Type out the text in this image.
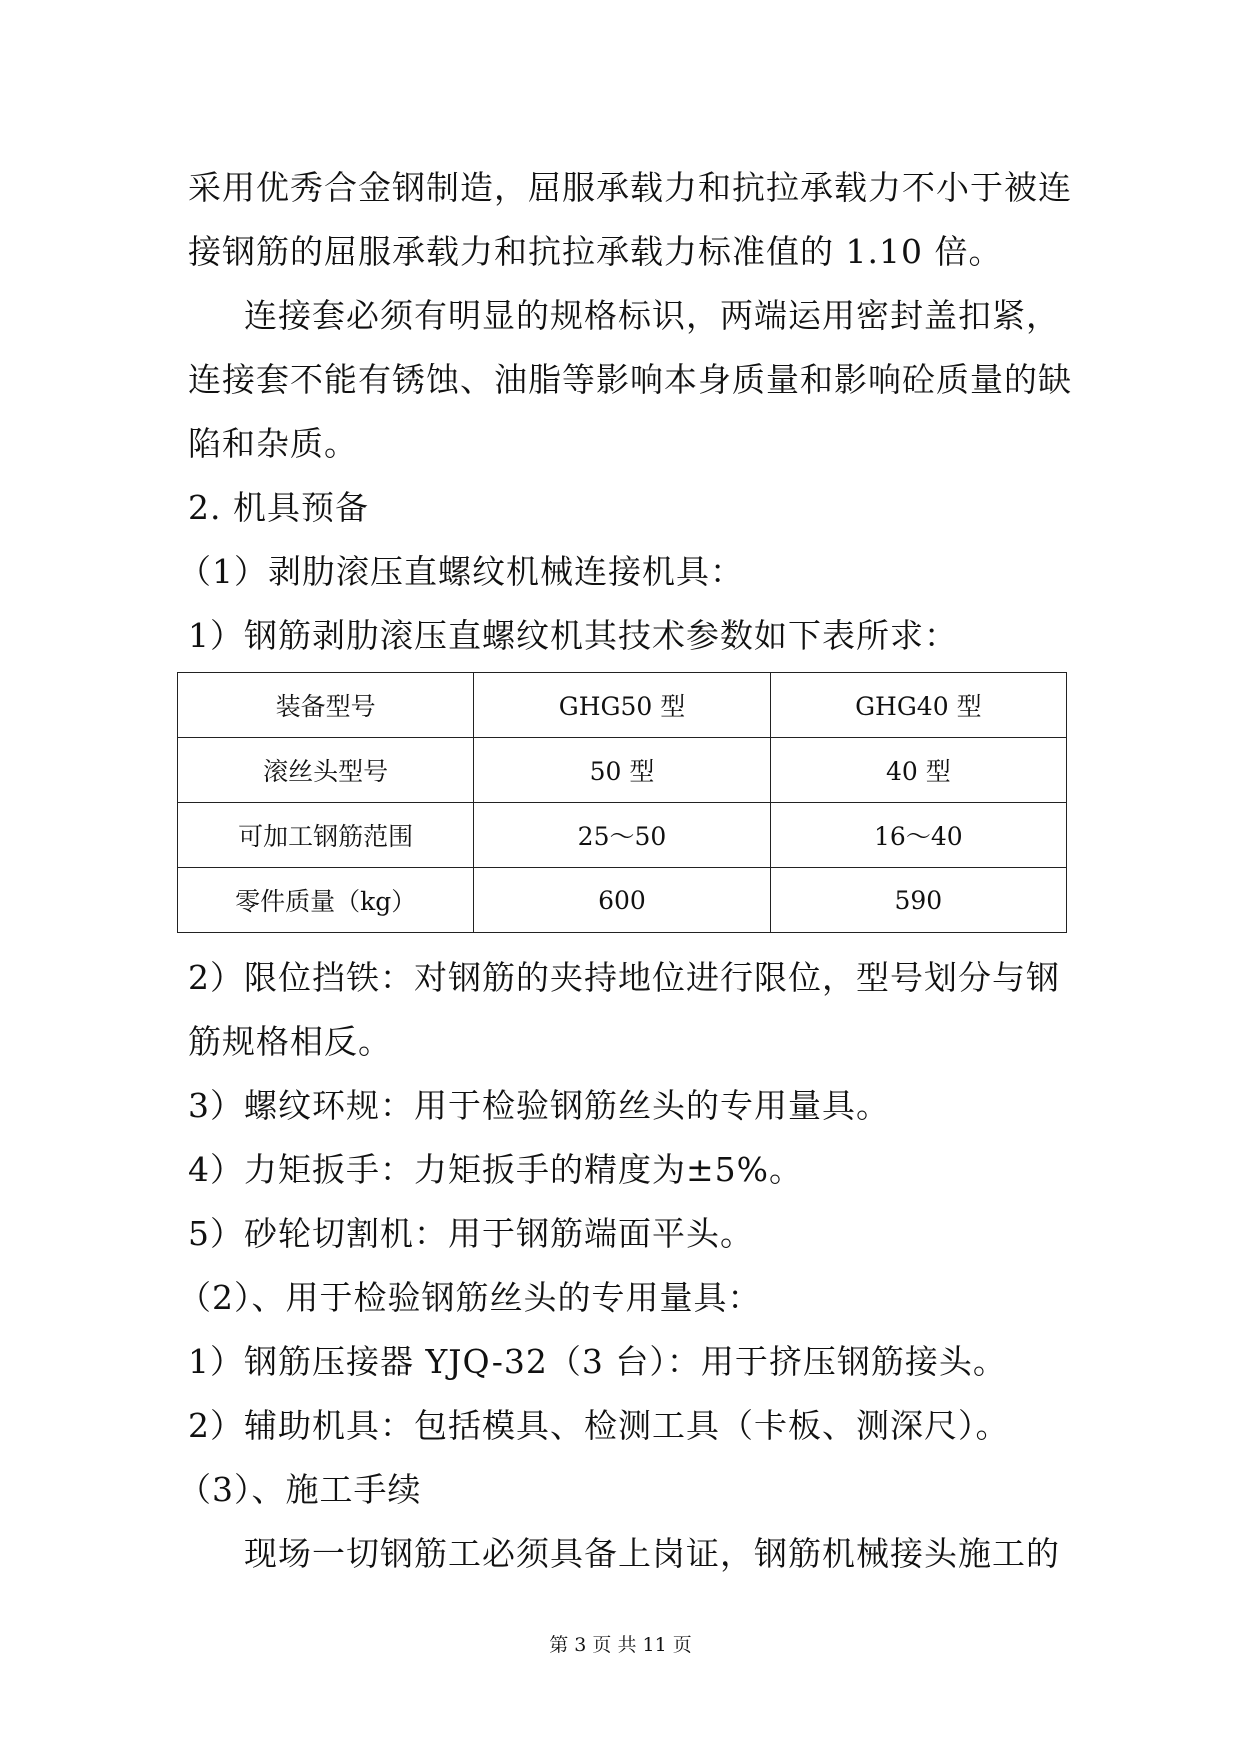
采用优秀合金钢制造，屈服承载力和抗拉承载力不小于被连
接钢筋的屈服承载力和抗拉承载力标准值的 1.10 倍。
连接套必须有明显的规格标识，两端运用密封盖扣紧，
连接套不能有锈蚀、油脂等影响本身质量和影响砼质量的缺
陷和杂质。
2. 机具预备
（1）剥肋滚压直螺纹机械连接机具：
1）钢筋剥肋滚压直螺纹机其技术参数如下表所求：
装备型号	GHG50 型	GHG40 型
滚丝头型号	50 型	40 型
可加工钢筋范围	25～50	16～40
零件质量（kg）	600	590
2）限位挡铁：对钢筋的夹持地位进行限位，型号划分与钢
筋规格相反。
3）螺纹环规：用于检验钢筋丝头的专用量具。
4）力矩扳手：力矩扳手的精度为±5%。
5）砂轮切割机：用于钢筋端面平头。
（2）、用于检验钢筋丝头的专用量具：
1）钢筋压接器 YJQ-32（3 台）：用于挤压钢筋接头。
2）辅助机具：包括模具、检测工具（卡板、测深尺）。
（3）、施工手续
现场一切钢筋工必须具备上岗证，钢筋机械接头施工的
第 3 页 共 11 页
